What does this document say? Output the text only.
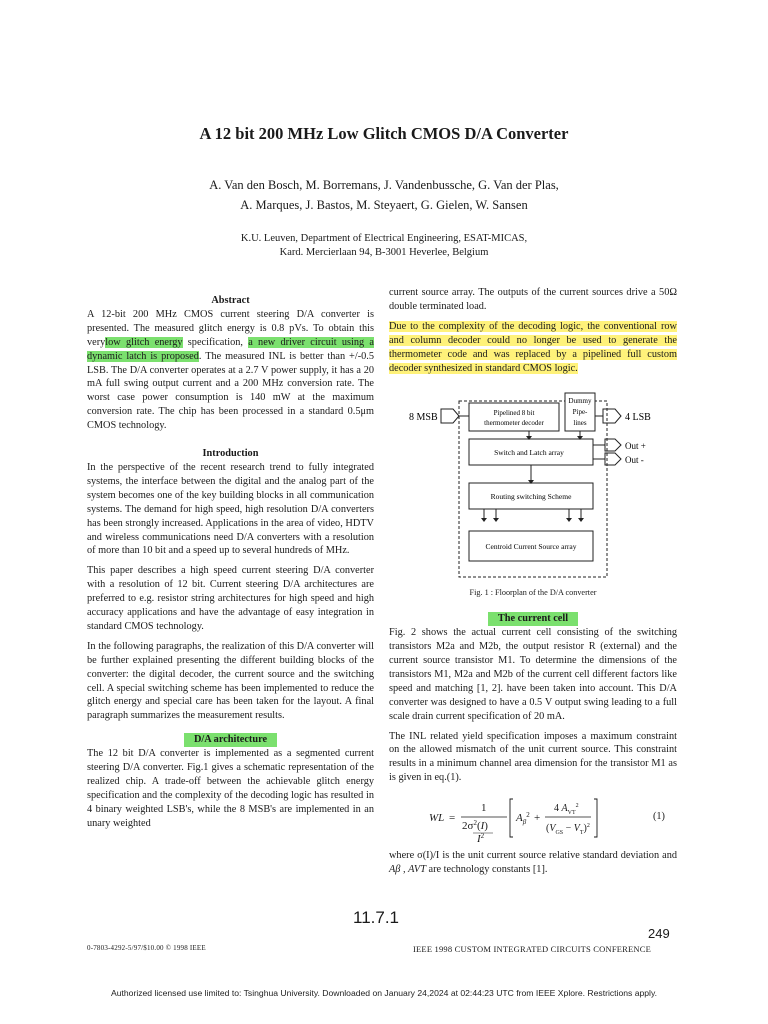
A 12 bit 200 MHz Low Glitch CMOS D/A Converter
A. Van den Bosch, M. Borremans, J. Vandenbussche, G. Van der Plas,
A. Marques, J. Bastos, M. Steyaert, G. Gielen, W. Sansen
K.U. Leuven, Department of Electrical Engineering, ESAT-MICAS,
Kard. Mercierlaan 94, B-3001 Heverlee, Belgium
Abstract

A 12-bit 200 MHz CMOS current steering D/A converter is presented. The measured glitch energy is 0.8 pVs. To obtain this verylow glitch energy specification, a new driver circuit using a dynamic latch is proposed. The measured INL is better than +/-0.5 LSB. The D/A converter operates at a 2.7 V power supply, it has a 20 mA full swing output current and a 200 MHz conversion rate. The worst case power consumption is 140 mW at the maximum conversion rate. The chip has been processed in a standard 0.5μm CMOS technology.

Introduction

In the perspective of the recent research trend to fully integrated systems, the interface between the digital and the analog part of the system becomes one of the key building blocks in all communication systems. The demand for high speed, high resolution D/A converters has been strongly increased. Applications in the area of video, HDTV and wireless communications need D/A converters with a resolution of more than 10 bit and a speed up to several hundreds of MHz.

This paper describes a high speed current steering D/A converter with a resolution of 12 bit. Current steering D/A architectures are preferred to e.g. resistor string architectures for high speed and high accuracy applications and have the advantage of easy integration in standard CMOS technology.

In the following paragraphs, the realization of this D/A converter will be further explained presenting the different building blocks of the converter: the digital decoder, the current source and the switching cell. A special switching scheme has been implemented to reduce the glitch energy and special care has been taken for the layout. A final paragraph summarizes the measurement results.

D/A architecture

The 12 bit D/A converter is implemented as a segmented current steering D/A converter. Fig.1 gives a schematic representation of the realized chip. A trade-off between the achievable glitch energy specification and the complexity of the decoding logic has resulted in 4 binary weighted LSB's, while the 8 MSB's are implemented in an unary weighted

current source array. The outputs of the current sources drive a 50Ω double terminated load.

Due to the complexity of the decoding logic, the conventional row and column decoder could no longer be used to generate the thermometer code and was replaced by a pipelined full custom decoder synthesized in standard CMOS logic.

8 MSB	4 LSB
Pipelined 8 bit
thermometer decoder
Dummy
Pipe-
lines
Switch and Latch array
Out +
Out -
Routing switching Scheme
Centroid Current Source array
Fig. 1 : Floorplan of the D/A converter
The current cell

Fig. 2 shows the actual current cell consisting of the switching transistors M2a and M2b, the output resistor R (external) and the current source transistor M1. To determine the dimensions of the transistors M1, M2a and M2b of the current cell different factors like speed and matching [1, 2]. have been taken into account. This D/A converter was designed to have a 0.5 V output swing leading to a full scale drain current specification of 20 mA.

The INL related yield specification imposes a maximum constraint on the allowed mismatch of the unit current source. This constraint results in a minimum channel area dimension for the transistor M1 as is given in eq.(1).

WL =
1
$2\sigma^2(I)$
$I^2$
$A_\beta^2$ +
4 $A_{VT}^2$
$(V_{GS} - V_T)^2$
(1)

where σ(I)/I is the unit current source relative standard deviation and Aβ , AVT are technology constants [1].

11.7.1
249
0-7803-4292-5/97/$10.00 © 1998 IEEE	IEEE 1998 CUSTOM INTEGRATED CIRCUITS CONFERENCE
Authorized licensed use limited to: Tsinghua University. Downloaded on January 24,2024 at 02:44:23 UTC from IEEE Xplore. Restrictions apply.
